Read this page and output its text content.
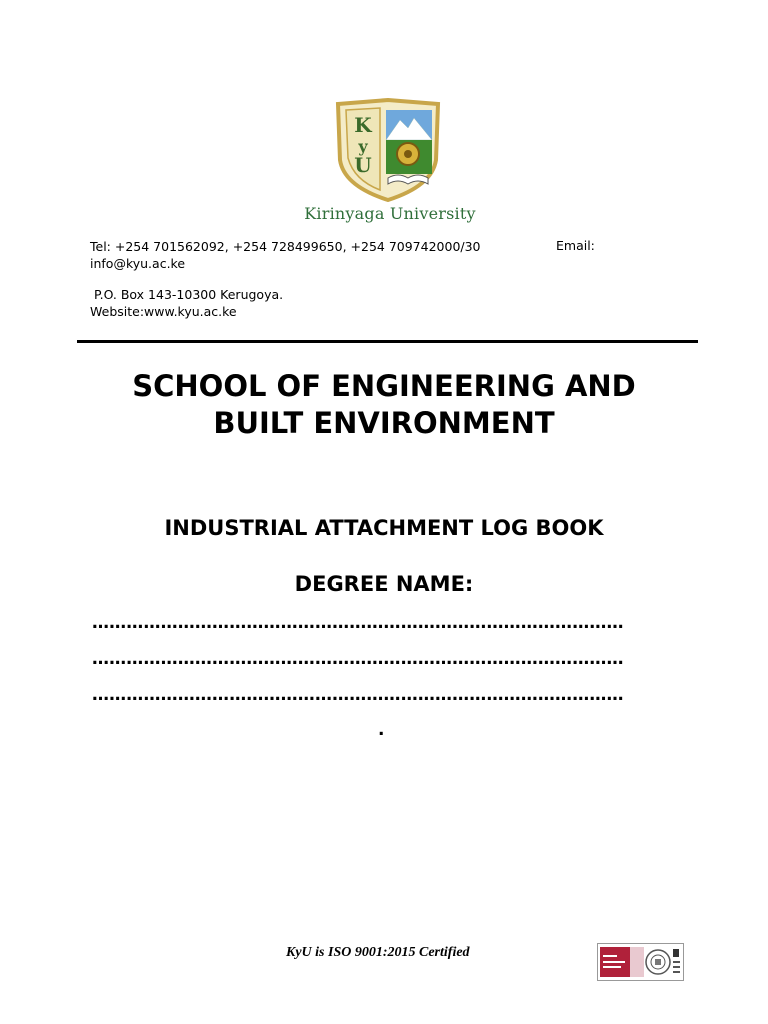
K
y
U
Kirinyaga University
Tel: +254 701562092, +254 728499650, +254 709742000/30	Email:
info@kyu.ac.ke
P.O. Box 143-10300 Kerugoya.
Website:www.kyu.ac.ke
SCHOOL OF ENGINEERING AND
BUILT ENVIRONMENT
INDUSTRIAL ATTACHMENT LOG BOOK
DEGREE NAME:
…………………………………………………………………………………
…………………………………………………………………………………
…………………………………………………………………………………
.
KyU is ISO 9001:2015 Certified
